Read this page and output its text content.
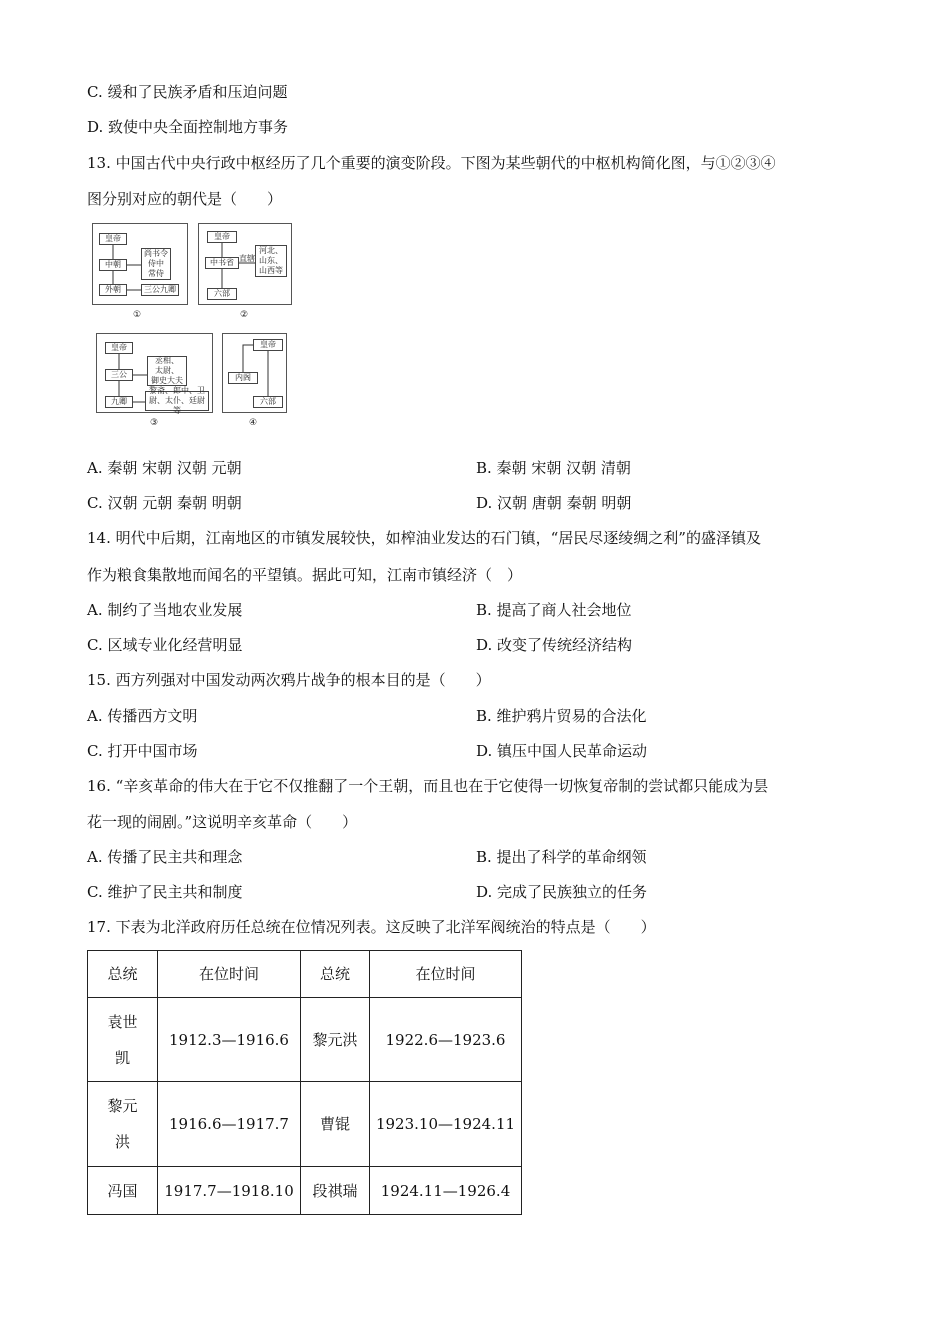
C. 缓和了民族矛盾和压迫问题
D. 致使中央全面控制地方事务
13. 中国古代中央行政中枢经历了几个重要的演变阶段。下图为某些朝代的中枢机构简化图，与①②③④
图分别对应的朝代是（　　）
皇帝
中朝
外朝
尚书令
侍中
常侍
三公九卿
①
皇帝
中书省 直辖
河北、
山东、
山西等
六部
②
皇帝
三公
九卿
丞相、
太尉、
御史大夫
黎斋、郎中、卫
尉、太仆、廷尉等
③
皇帝
内阁
六部
④
A. 秦朝 宋朝 汉朝 元朝	B. 秦朝 宋朝 汉朝 清朝
C. 汉朝 元朝 秦朝 明朝	D. 汉朝 唐朝 秦朝 明朝
14. 明代中后期，江南地区的市镇发展较快，如榨油业发达的石门镇，“居民尽逐绫绸之利”的盛泽镇及
作为粮食集散地而闻名的平望镇。据此可知，江南市镇经济（　）
A. 制约了当地农业发展	B. 提高了商人社会地位
C. 区域专业化经营明显	D. 改变了传统经济结构
15. 西方列强对中国发动两次鸦片战争的根本目的是（　　）
A. 传播西方文明	B. 维护鸦片贸易的合法化
C. 打开中国市场	D. 镇压中国人民革命运动
16. “辛亥革命的伟大在于它不仅推翻了一个王朝，而且也在于它使得一切恢复帝制的尝试都只能成为昙
花一现的闹剧。”这说明辛亥革命（　　）
A. 传播了民主共和理念	B. 提出了科学的革命纲领
C. 维护了民主共和制度	D. 完成了民族独立的任务
17. 下表为北洋政府历任总统在位情况列表。这反映了北洋军阀统治的特点是（　　）
总统	在位时间	总统	在位时间

袁世
凯	1912.3—1916.6	黎元洪	1922.6—1923.6

黎元
洪	1916.6—1917.7	曹锟	1923.10—1924.11
冯国	1917.7—1918.10	段祺瑞	1924.11—1926.4
